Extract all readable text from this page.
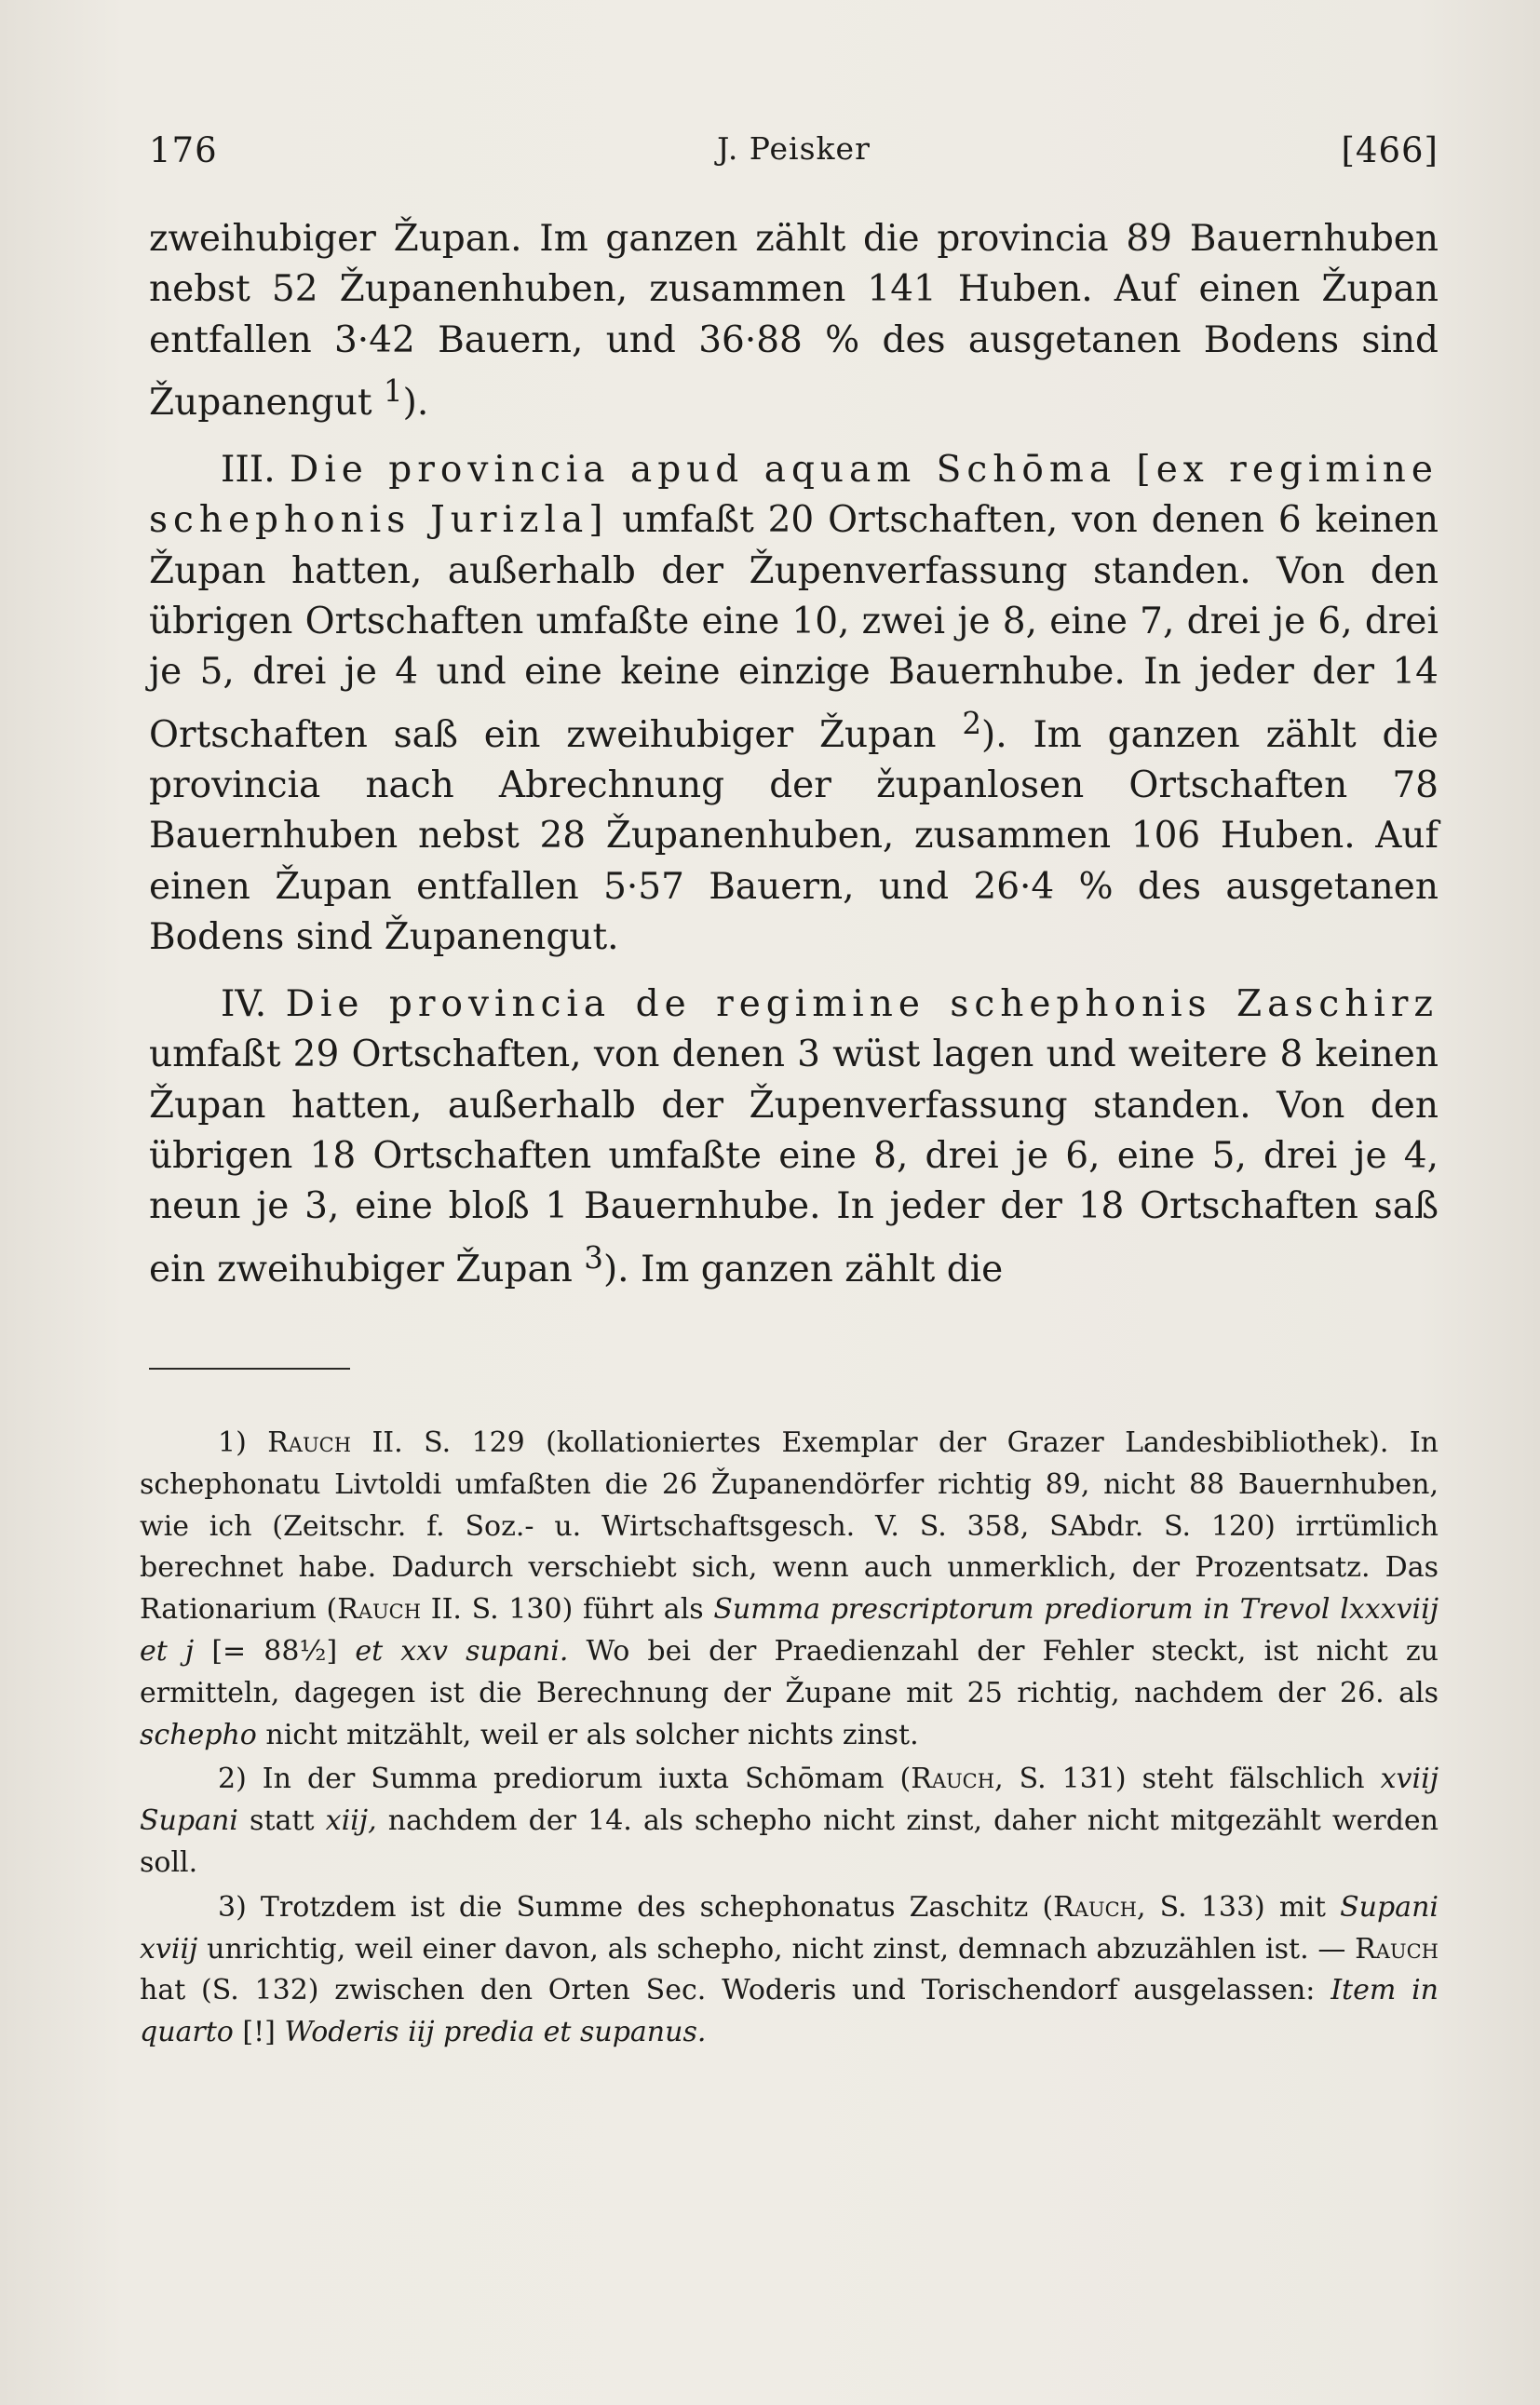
176	J. Peisker	[466]

zweihubiger Župan. Im ganzen zählt die provincia 89 Bauernhuben nebst 52 Županenhuben, zusammen 141 Huben. Auf einen Župan entfallen 3·42 Bauern, und 36·88 % des ausgetanen Bodens sind Županengut $^1$).

III. Die provincia apud aquam Schōma [ex regimine schephonis Jurizla] umfaßt 20 Ortschaften, von denen 6 keinen Župan hatten, außerhalb der Župenverfassung standen. Von den übrigen Ortschaften umfaßte eine 10, zwei je 8, eine 7, drei je 6, drei je 5, drei je 4 und eine keine einzige Bauernhube. In jeder der 14 Ortschaften saß ein zweihubiger Župan $^2$). Im ganzen zählt die provincia nach Abrechnung der županlosen Ortschaften 78 Bauernhuben nebst 28 Županenhuben, zusammen 106 Huben. Auf einen Župan entfallen 5·57 Bauern, und 26·4 % des ausgetanen Bodens sind Županengut.

IV. Die provincia de regimine schephonis Zaschirz umfaßt 29 Ortschaften, von denen 3 wüst lagen und weitere 8 keinen Župan hatten, außerhalb der Župenverfassung standen. Von den übrigen 18 Ortschaften umfaßte eine 8, drei je 6, eine 5, drei je 4, neun je 3, eine bloß 1 Bauernhube. In jeder der 18 Ortschaften saß ein zweihubiger Župan $^3$). Im ganzen zählt die

1) Rauch II. S. 129 (kollationiertes Exemplar der Grazer Landesbibliothek). In schephonatu Livtoldi umfaßten die 26 Županendörfer richtig 89, nicht 88 Bauernhuben, wie ich (Zeitschr. f. Soz.- u. Wirtschaftsgesch. V. S. 358, SAbdr. S. 120) irrtümlich berechnet habe. Dadurch verschiebt sich, wenn auch unmerklich, der Prozentsatz. Das Rationarium (Rauch II. S. 130) führt als Summa prescriptorum prediorum in Trevol lxxxviij et j [= 88½] et xxv supani. Wo bei der Praedienzahl der Fehler steckt, ist nicht zu ermitteln, dagegen ist die Berechnung der Župane mit 25 richtig, nachdem der 26. als schepho nicht mitzählt, weil er als solcher nichts zinst.

2) In der Summa prediorum iuxta Schōmam (Rauch, S. 131) steht fälschlich xviij Supani statt xiij, nachdem der 14. als schepho nicht zinst, daher nicht mitgezählt werden soll.

3) Trotzdem ist die Summe des schephonatus Zaschitz (Rauch, S. 133) mit Supani xviij unrichtig, weil einer davon, als schepho, nicht zinst, demnach abzuzählen ist. — Rauch hat (S. 132) zwischen den Orten Sec. Woderis und Torischendorf ausgelassen: Item in quarto [!] Woderis iij predia et supanus.
